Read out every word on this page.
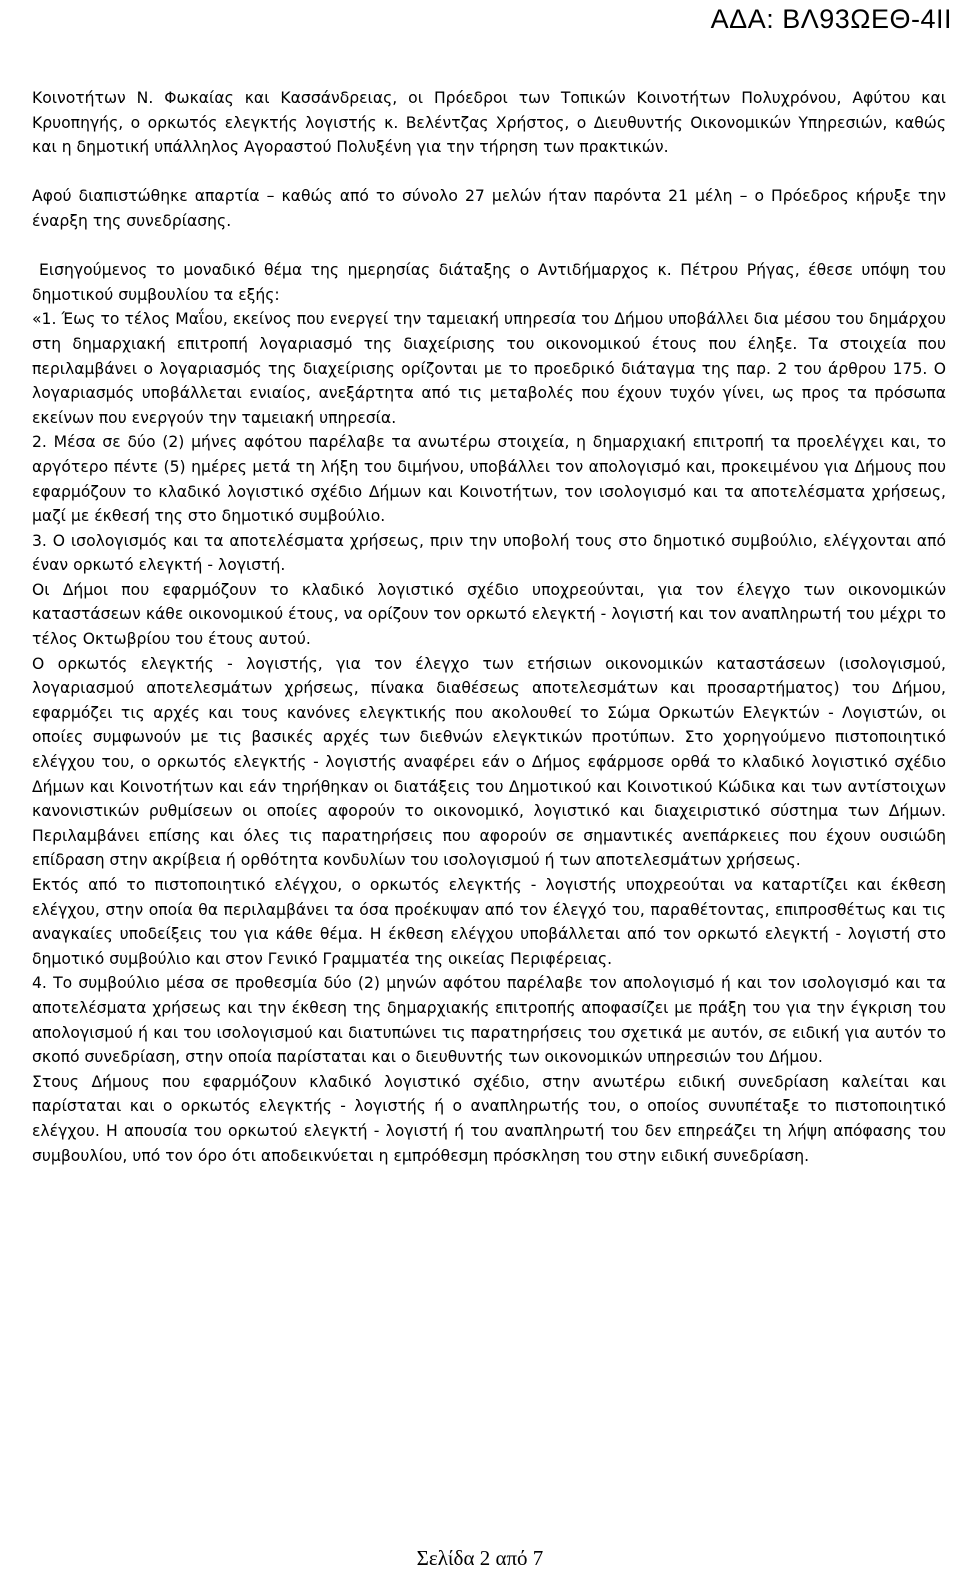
ΑΔΑ: ΒΛ93ΩΕΘ-4ΙΙ

Κοινοτήτων Ν. Φωκαίας και Κασσάνδρειας, οι Πρόεδροι των Τοπικών Κοινοτήτων Πολυχρόνου, Αφύτου και Κρυοπηγής, ο ορκωτός ελεγκτής λογιστής κ. Βελέντζας Χρήστος, ο Διευθυντής Οικονομικών Υπηρεσιών, καθώς και η δημοτική υπάλληλος Αγοραστού Πολυξένη για την τήρηση των πρακτικών.

Αφού διαπιστώθηκε απαρτία – καθώς από το σύνολο 27 μελών ήταν παρόντα 21 μέλη – ο Πρόεδρος κήρυξε την έναρξη της συνεδρίασης.

Εισηγούμενος το μοναδικό θέμα της ημερησίας διάταξης ο Αντιδήμαρχος κ. Πέτρου Ρήγας, έθεσε υπόψη του δημοτικού συμβουλίου τα εξής:

«1. Έως το τέλος Μαΐου, εκείνος που ενεργεί την ταμειακή υπηρεσία του Δήμου υποβάλλει δια μέσου του δημάρχου στη δημαρχιακή επιτροπή λογαριασμό της διαχείρισης του οικονομικού έτους που έληξε. Τα στοιχεία που περιλαμβάνει ο λογαριασμός της διαχείρισης ορίζονται με το προεδρικό διάταγμα της παρ. 2 του άρθρου 175. Ο λογαριασμός υποβάλλεται ενιαίος, ανεξάρτητα από τις μεταβολές που έχουν τυχόν γίνει, ως προς τα πρόσωπα εκείνων που ενεργούν την ταμειακή υπηρεσία.

2. Μέσα σε δύο (2) μήνες αφότου παρέλαβε τα ανωτέρω στοιχεία, η δημαρχιακή επιτροπή τα προελέγχει και, το αργότερο πέντε (5) ημέρες μετά τη λήξη του διμήνου, υποβάλλει τον απολογισμό και, προκειμένου για Δήμους που εφαρμόζουν το κλαδικό λογιστικό σχέδιο Δήμων και Κοινοτήτων, τον ισολογισμό και τα αποτελέσματα χρήσεως, μαζί με έκθεσή της στο δημοτικό συμβούλιο.

3. Ο ισολογισμός και τα αποτελέσματα χρήσεως, πριν την υποβολή τους στο δημοτικό συμβούλιο, ελέγχονται από έναν ορκωτό ελεγκτή - λογιστή.

Οι Δήμοι που εφαρμόζουν το κλαδικό λογιστικό σχέδιο υποχρεούνται, για τον έλεγχο των οικονομικών καταστάσεων κάθε οικονομικού έτους, να ορίζουν τον ορκωτό ελεγκτή - λογιστή και τον αναπληρωτή του μέχρι το τέλος Οκτωβρίου του έτους αυτού.

Ο ορκωτός ελεγκτής - λογιστής, για τον έλεγχο των ετήσιων οικονομικών καταστάσεων (ισολογισμού, λογαριασμού αποτελεσμάτων χρήσεως, πίνακα διαθέσεως αποτελεσμάτων και προσαρτήματος) του Δήμου, εφαρμόζει τις αρχές και τους κανόνες ελεγκτικής που ακολουθεί το Σώμα Ορκωτών Ελεγκτών - Λογιστών, οι οποίες συμφωνούν με τις βασικές αρχές των διεθνών ελεγκτικών προτύπων. Στο χορηγούμενο πιστοποιητικό ελέγχου του, ο ορκωτός ελεγκτής - λογιστής αναφέρει εάν ο Δήμος εφάρμοσε ορθά το κλαδικό λογιστικό σχέδιο Δήμων και Κοινοτήτων και εάν τηρήθηκαν οι διατάξεις του Δημοτικού και Κοινοτικού Κώδικα και των αντίστοιχων κανονιστικών ρυθμίσεων οι οποίες αφορούν το οικονομικό, λογιστικό και διαχειριστικό σύστημα των Δήμων. Περιλαμβάνει επίσης και όλες τις παρατηρήσεις που αφορούν σε σημαντικές ανεπάρκειες που έχουν ουσιώδη επίδραση στην ακρίβεια ή ορθότητα κονδυλίων του ισολογισμού ή των αποτελεσμάτων χρήσεως.

Εκτός από το πιστοποιητικό ελέγχου, ο ορκωτός ελεγκτής - λογιστής υποχρεούται να καταρτίζει και έκθεση ελέγχου, στην οποία θα περιλαμβάνει τα όσα προέκυψαν από τον έλεγχό του, παραθέτοντας, επιπροσθέτως και τις αναγκαίες υποδείξεις του για κάθε θέμα. Η έκθεση ελέγχου υποβάλλεται από τον ορκωτό ελεγκτή - λογιστή στο δημοτικό συμβούλιο και στον Γενικό Γραμματέα της οικείας Περιφέρειας.

4. Το συμβούλιο μέσα σε προθεσμία δύο (2) μηνών αφότου παρέλαβε τον απολογισμό ή και τον ισολογισμό και τα αποτελέσματα χρήσεως και την έκθεση της δημαρχιακής επιτροπής αποφασίζει με πράξη του για την έγκριση του απολογισμού ή και του ισολογισμού και διατυπώνει τις παρατηρήσεις του σχετικά με αυτόν, σε ειδική για αυτόν το σκοπό συνεδρίαση, στην οποία παρίσταται και ο διευθυντής των οικονομικών υπηρεσιών του Δήμου.

Στους Δήμους που εφαρμόζουν κλαδικό λογιστικό σχέδιο, στην ανωτέρω ειδική συνεδρίαση καλείται και παρίσταται και ο ορκωτός ελεγκτής - λογιστής ή ο αναπληρωτής του, ο οποίος συνυπέταξε το πιστοποιητικό ελέγχου. Η απουσία του ορκωτού ελεγκτή - λογιστή ή του αναπληρωτή του δεν επηρεάζει τη λήψη απόφασης του συμβουλίου, υπό τον όρο ότι αποδεικνύεται η εμπρόθεσμη πρόσκληση του στην ειδική συνεδρίαση.

Σελίδα 2 από 7
